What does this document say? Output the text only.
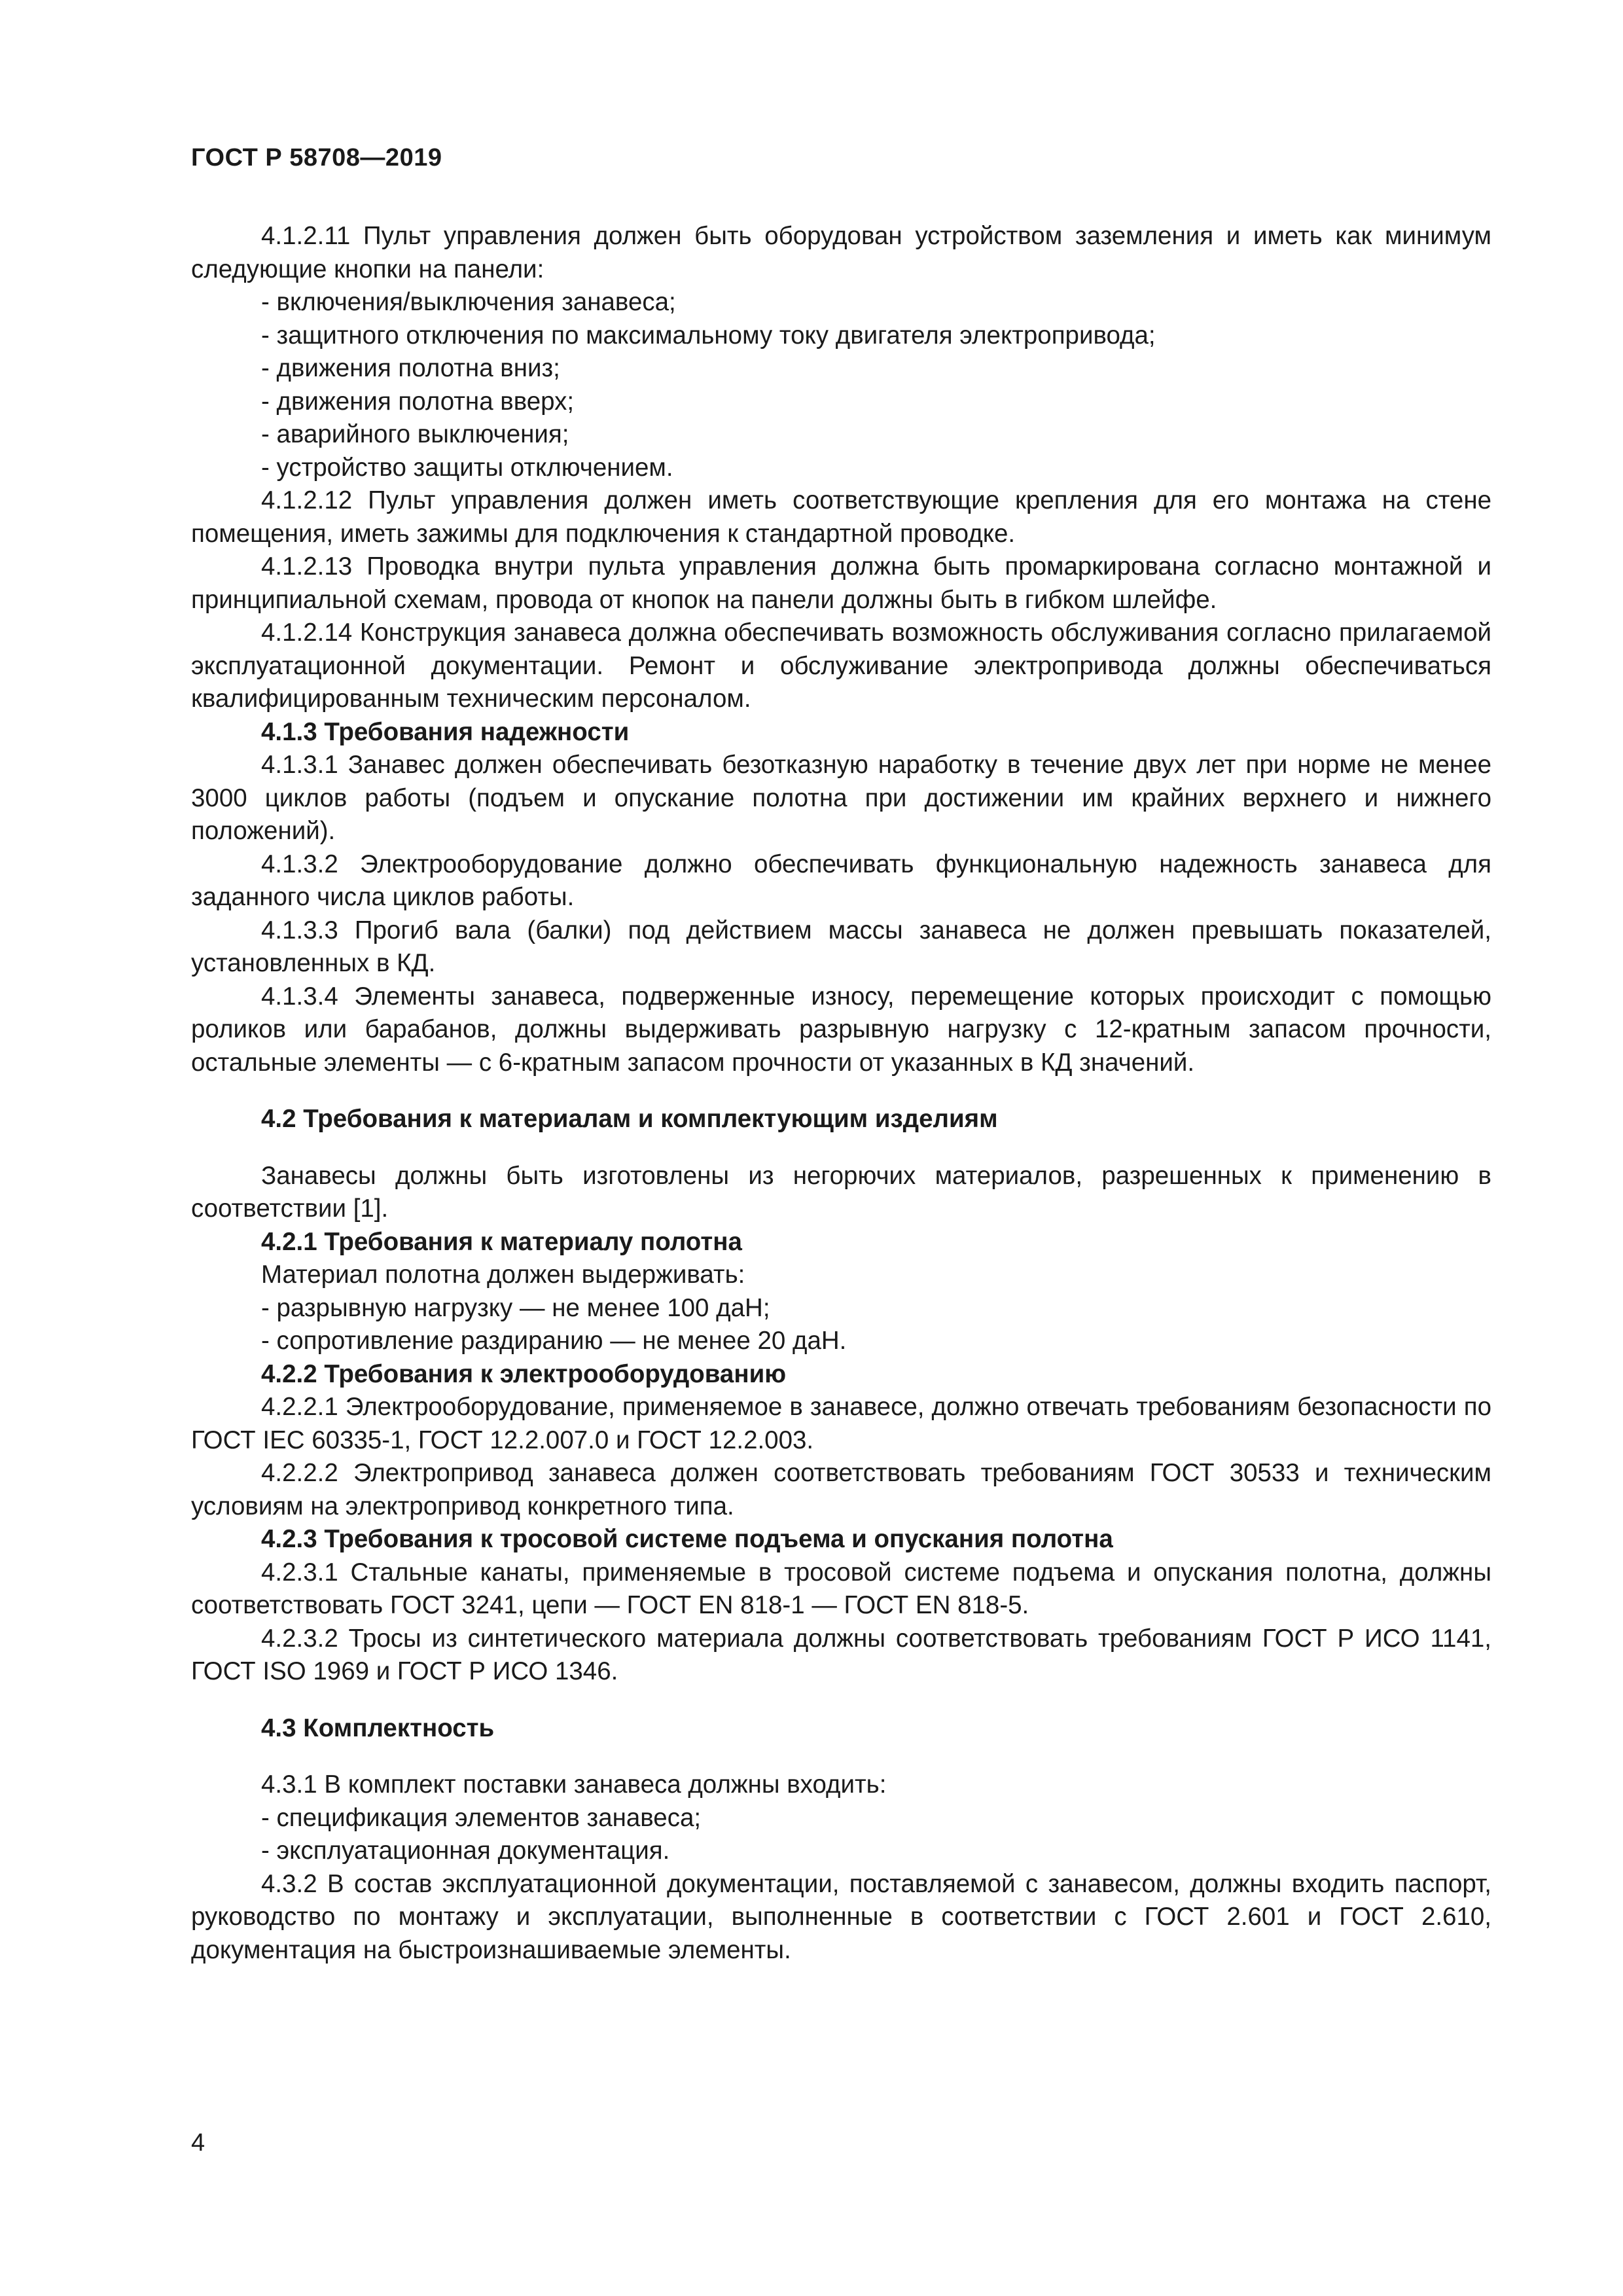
ГОСТ Р 58708—2019

4.1.2.11 Пульт управления должен быть оборудован устройством заземления и иметь как минимум следующие кнопки на панели:

- включения/выключения занавеса;

- защитного отключения по максимальному току двигателя электропривода;

- движения полотна вниз;

- движения полотна вверх;

- аварийного выключения;

- устройство защиты отключением.

4.1.2.12 Пульт управления должен иметь соответствующие крепления для его монтажа на стене помещения, иметь зажимы для подключения к стандартной проводке.

4.1.2.13 Проводка внутри пульта управления должна быть промаркирована согласно монтажной и принципиальной схемам, провода от кнопок на панели должны быть в гибком шлейфе.

4.1.2.14 Конструкция занавеса должна обеспечивать возможность обслуживания согласно прилагаемой эксплуатационной документации. Ремонт и обслуживание электропривода должны обеспечиваться квалифицированным техническим персоналом.

4.1.3 Требования надежности

4.1.3.1 Занавес должен обеспечивать безотказную наработку в течение двух лет при норме не менее 3000 циклов работы (подъем и опускание полотна при достижении им крайних верхнего и нижнего положений).

4.1.3.2 Электрооборудование должно обеспечивать функциональную надежность занавеса для заданного числа циклов работы.

4.1.3.3 Прогиб вала (балки) под действием массы занавеса не должен превышать показателей, установленных в КД.

4.1.3.4 Элементы занавеса, подверженные износу, перемещение которых происходит с помощью роликов или барабанов, должны выдерживать разрывную нагрузку с 12-кратным запасом прочности, остальные элементы — с 6-кратным запасом прочности от указанных в КД значений.

4.2 Требования к материалам и комплектующим изделиям

Занавесы должны быть изготовлены из негорючих материалов, разрешенных к применению в соответствии [1].

4.2.1 Требования к материалу полотна

Материал полотна должен выдерживать:

- разрывную нагрузку — не менее 100 даН;

- сопротивление раздиранию — не менее 20 даН.

4.2.2 Требования к электрооборудованию

4.2.2.1 Электрооборудование, применяемое в занавесе, должно отвечать требованиям безопасности по ГОСТ IEC 60335-1, ГОСТ 12.2.007.0 и ГОСТ 12.2.003.

4.2.2.2 Электропривод занавеса должен соответствовать требованиям ГОСТ 30533 и техническим условиям на электропривод конкретного типа.

4.2.3 Требования к тросовой системе подъема и опускания полотна

4.2.3.1 Стальные канаты, применяемые в тросовой системе подъема и опускания полотна, должны соответствовать ГОСТ 3241, цепи — ГОСТ EN 818-1 — ГОСТ EN 818-5.

4.2.3.2 Тросы из синтетического материала должны соответствовать требованиям ГОСТ Р ИСО 1141, ГОСТ ISO 1969 и ГОСТ Р ИСО 1346.

4.3 Комплектность

4.3.1 В комплект поставки занавеса должны входить:

- спецификация элементов занавеса;

- эксплуатационная документация.

4.3.2 В состав эксплуатационной документации, поставляемой с занавесом, должны входить паспорт, руководство по монтажу и эксплуатации, выполненные в соответствии с ГОСТ 2.601 и ГОСТ 2.610, документация на быстроизнашиваемые элементы.

4
